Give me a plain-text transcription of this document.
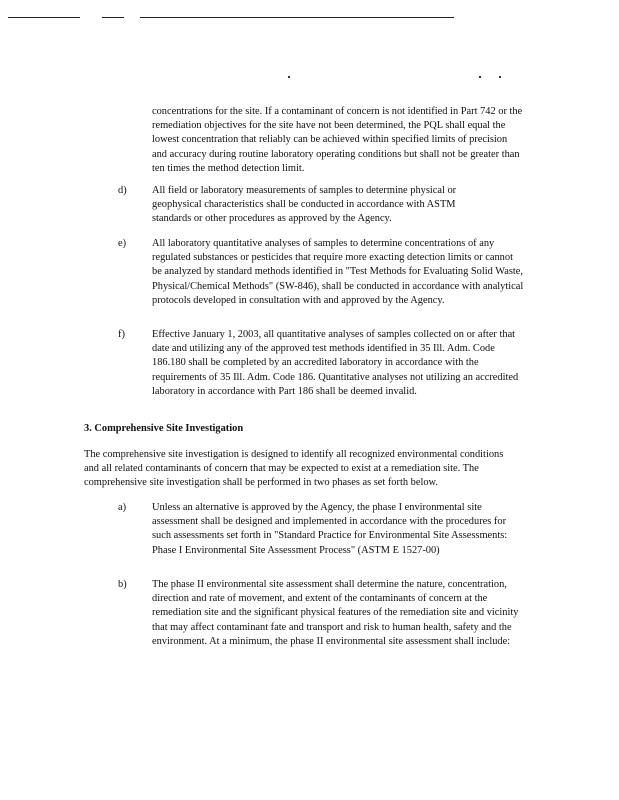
concentrations for the site. If a contaminant of concern is not identified in Part 742 or the remediation objectives for the site have not been determined, the PQL shall equal the lowest concentration that reliably can be achieved within specified limits of precision and accuracy during routine laboratory operating conditions but shall not be greater than ten times the method detection limit.

d) All field or laboratory measurements of samples to determine physical or geophysical characteristics shall be conducted in accordance with ASTM standards or other procedures as approved by the Agency.

e) All laboratory quantitative analyses of samples to determine concentrations of any regulated substances or pesticides that require more exacting detection limits or cannot be analyzed by standard methods identified in "Test Methods for Evaluating Solid Waste, Physical/Chemical Methods" (SW-846), shall be conducted in accordance with analytical protocols developed in consultation with and approved by the Agency.

f)	Effective January 1, 2003, all quantitative analyses of samples collected on or after that date and utilizing any of the approved test methods identified in 35 Ill. Adm. Code 186.180 shall be completed by an accredited laboratory in accordance with the requirements of 35 Ill. Adm. Code 186. Quantitative analyses not utilizing an accredited laboratory in accordance with Part 186 shall be deemed invalid.

3. Comprehensive Site Investigation

The comprehensive site investigation is designed to identify all recognized environmental conditions and all related contaminants of concern that may be expected to exist at a remediation site. The comprehensive site investigation shall be performed in two phases as set forth below.

a) Unless an alternative is approved by the Agency, the phase I environmental site assessment shall be designed and implemented in accordance with the procedures for such assessments set forth in "Standard Practice for Environmental Site Assessments: Phase I Environmental Site Assessment Process" (ASTM E 1527-00)

b) The phase II environmental site assessment shall determine the nature, concentration, direction and rate of movement, and extent of the contaminants of concern at the remediation site and the significant physical features of the remediation site and vicinity that may affect contaminant fate and transport and risk to human health, safety and the environment. At a minimum, the phase II environmental site assessment shall include:
